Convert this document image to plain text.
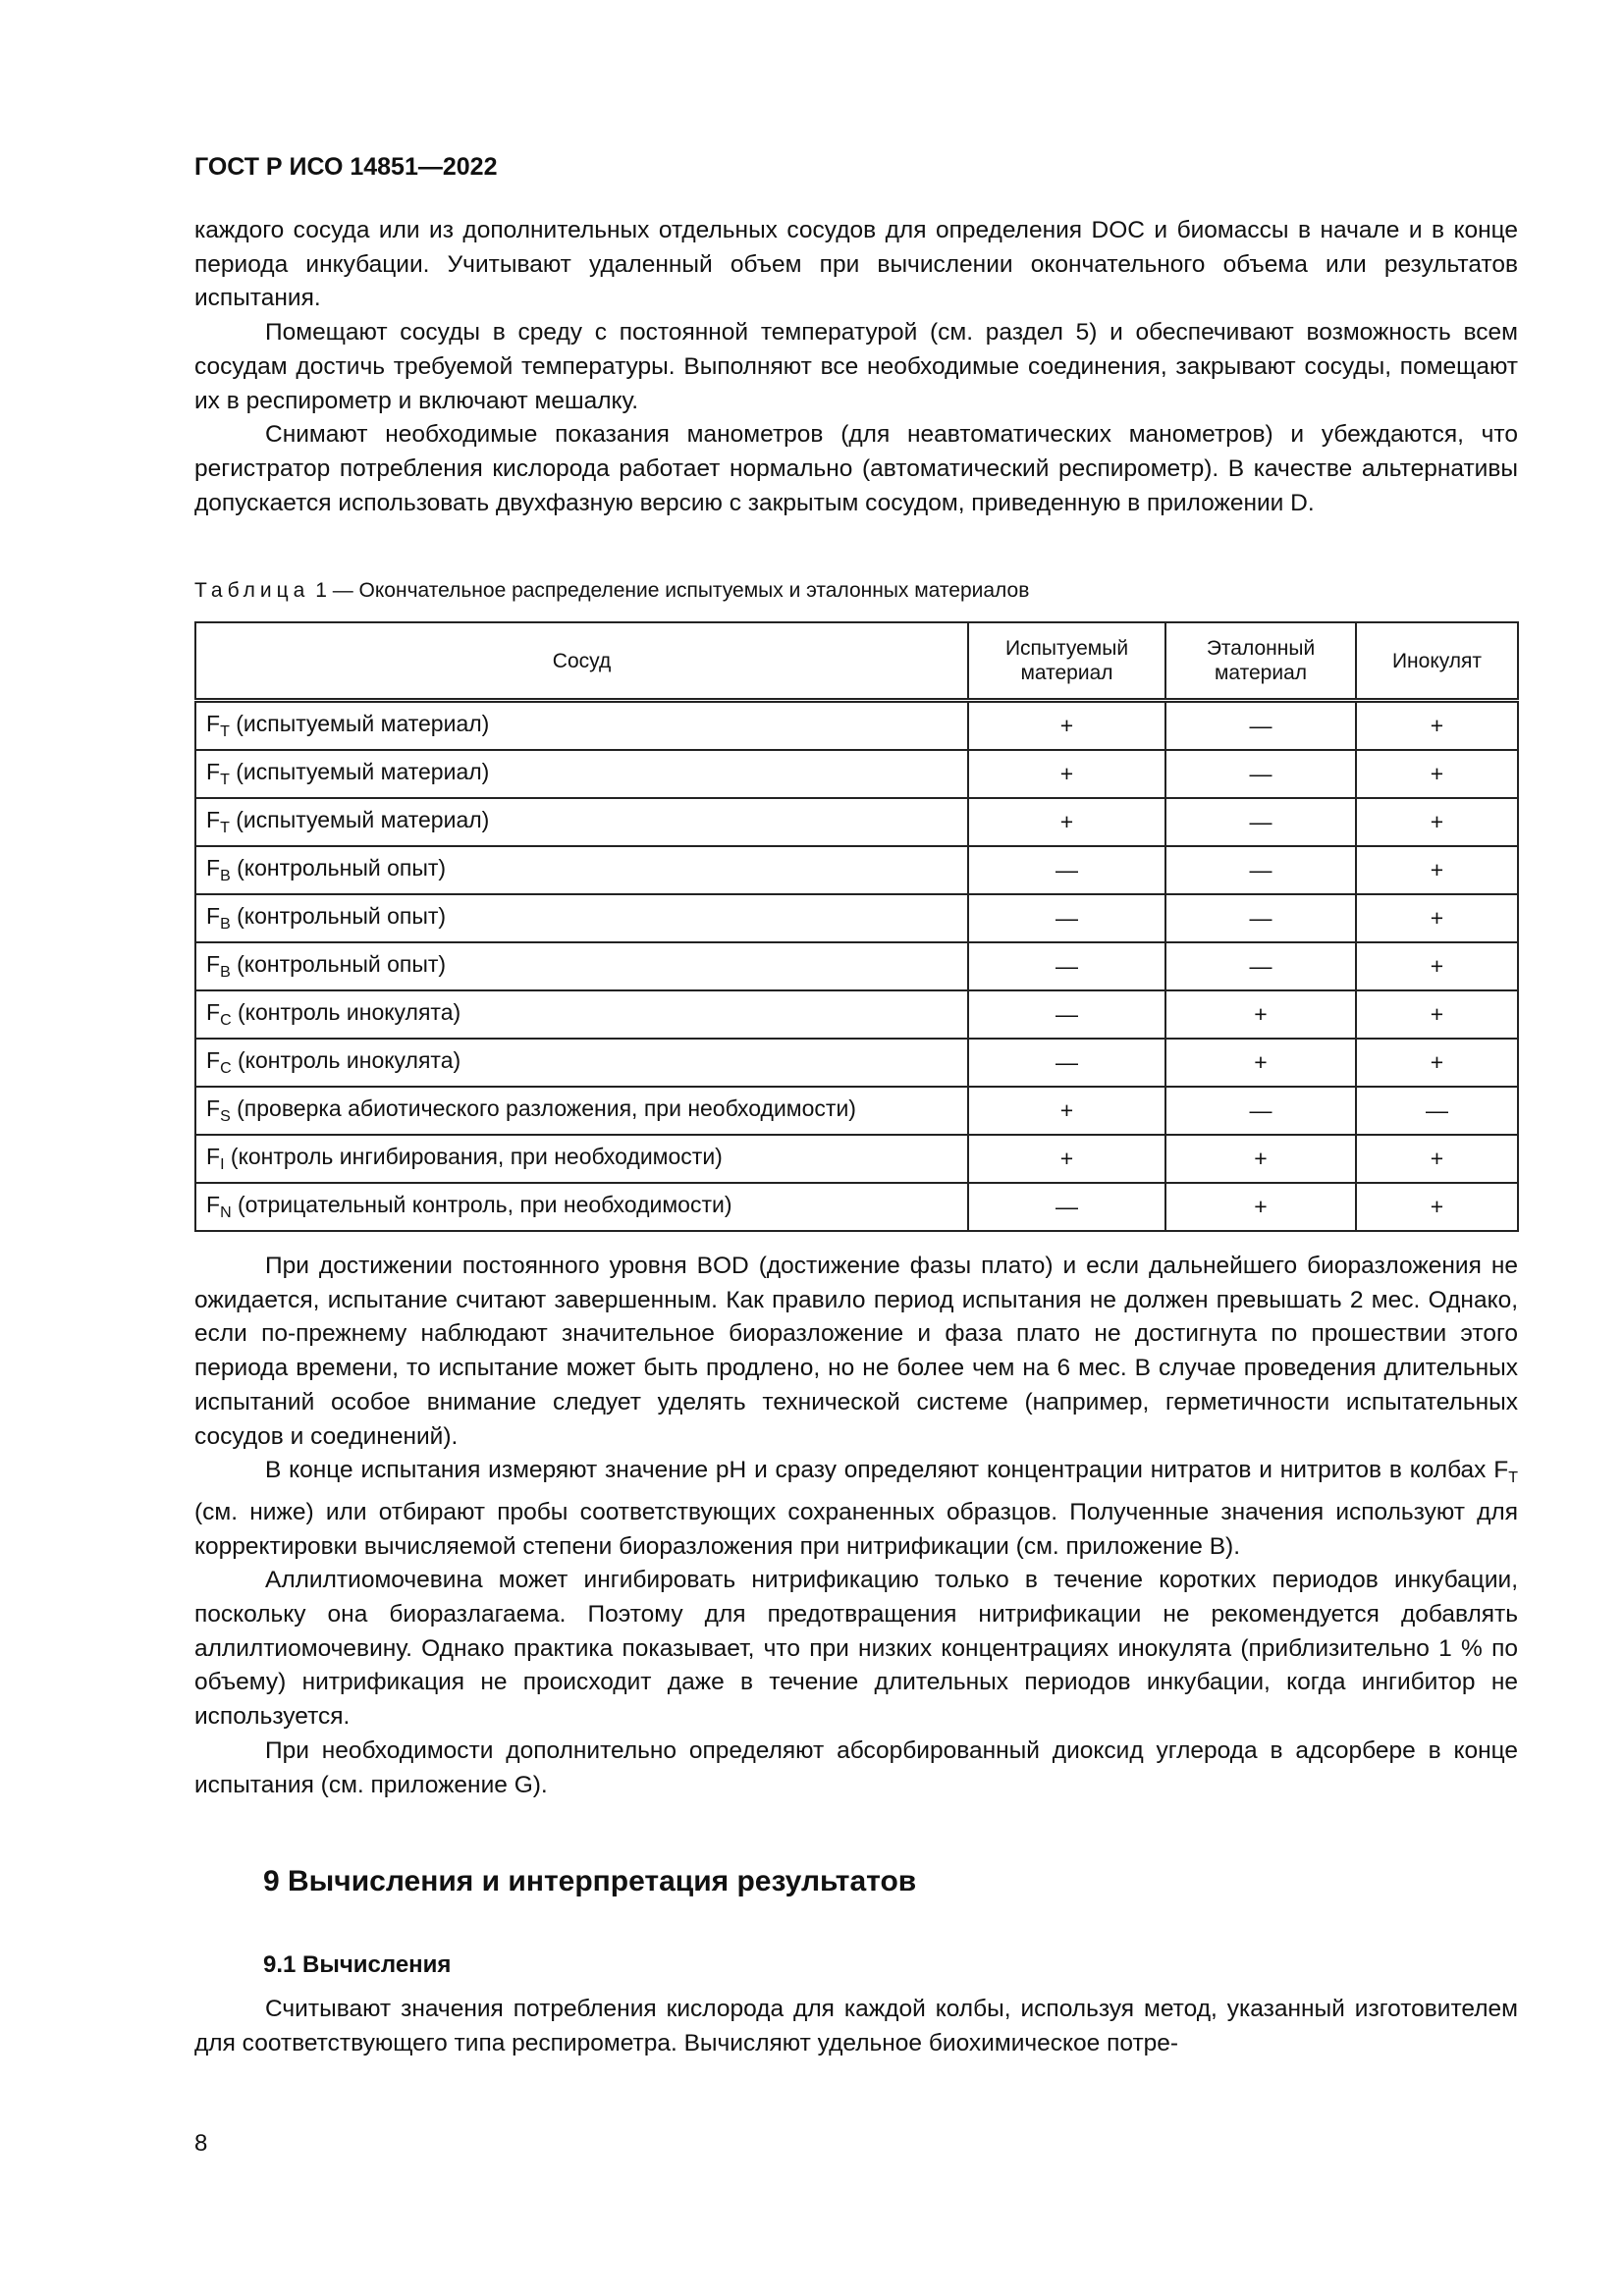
ГОСТ Р ИСО 14851—2022

каждого сосуда или из дополнительных отдельных сосудов для определения DOC и биомассы в начале и в конце периода инкубации. Учитывают удаленный объем при вычислении окончательного объема или результатов испытания.

Помещают сосуды в среду с постоянной температурой (см. раздел 5) и обеспечивают возможность всем сосудам достичь требуемой температуры. Выполняют все необходимые соединения, закрывают сосуды, помещают их в респирометр и включают мешалку.

Снимают необходимые показания манометров (для неавтоматических манометров) и убеждаются, что регистратор потребления кислорода работает нормально (автоматический респирометр). В качестве альтернативы допускается использовать двухфазную версию с закрытым сосудом, приведенную в приложении D.

Таблица 1 — Окончательное распределение испытуемых и эталонных материалов
Сосуд	Испытуемый материал	Эталонный материал	Инокулят
$F_T$ (испытуемый материал)	+	—	+
$F_T$ (испытуемый материал)	+	—	+
$F_T$ (испытуемый материал)	+	—	+
$F_B$ (контрольный опыт)	—	—	+
$F_B$ (контрольный опыт)	—	—	+
$F_B$ (контрольный опыт)	—	—	+
$F_C$ (контроль инокулята)	—	+	+
$F_C$ (контроль инокулята)	—	+	+
$F_S$ (проверка абиотического разложения, при необходимости)	+	—	—
$F_I$ (контроль ингибирования, при необходимости)	+	+	+
$F_N$ (отрицательный контроль, при необходимости)	—	+	+

При достижении постоянного уровня BOD (достижение фазы плато) и если дальнейшего биоразложения не ожидается, испытание считают завершенным. Как правило период испытания не должен превышать 2 мес. Однако, если по-прежнему наблюдают значительное биоразложение и фаза плато не достигнута по прошествии этого периода времени, то испытание может быть продлено, но не более чем на 6 мес. В случае проведения длительных испытаний особое внимание следует уделять технической системе (например, герметичности испытательных сосудов и соединений).

В конце испытания измеряют значение pH и сразу определяют концентрации нитратов и нитритов в колбах $F_T$ (см. ниже) или отбирают пробы соответствующих сохраненных образцов. Полученные значения используют для корректировки вычисляемой степени биоразложения при нитрификации (см. приложение B).

Аллилтиомочевина может ингибировать нитрификацию только в течение коротких периодов инкубации, поскольку она биоразлагаема. Поэтому для предотвращения нитрификации не рекомендуется добавлять аллилтиомочевину. Однако практика показывает, что при низких концентрациях инокулята (приблизительно 1 % по объему) нитрификация не происходит даже в течение длительных периодов инкубации, когда ингибитор не используется.

При необходимости дополнительно определяют абсорбированный диоксид углерода в адсорбере в конце испытания (см. приложение G).

9 Вычисления и интерпретация результатов
9.1 Вычисления

Считывают значения потребления кислорода для каждой колбы, используя метод, указанный изготовителем для соответствующего типа респирометра. Вычисляют удельное биохимическое потре-

8
